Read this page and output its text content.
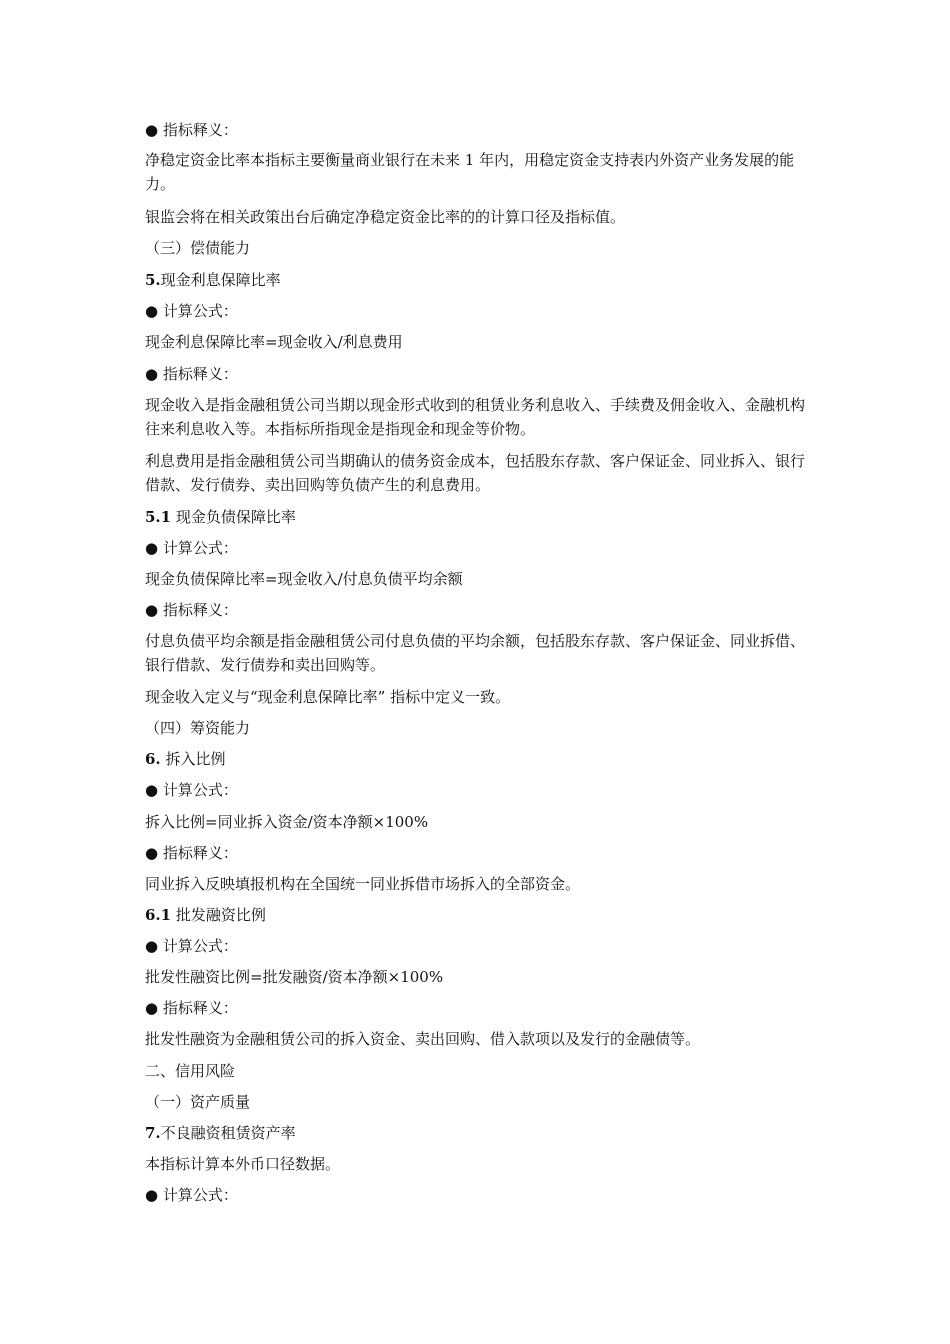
● 指标释义：
净稳定资金比率本指标主要衡量商业银行在未来 1 年内，用稳定资金支持表内外资产业务发展的能力。
银监会将在相关政策出台后确定净稳定资金比率的的计算口径及指标值。
（三）偿债能力
5.现金利息保障比率
● 计算公式：
现金利息保障比率=现金收入/利息费用
● 指标释义：
现金收入是指金融租赁公司当期以现金形式收到的租赁业务利息收入、手续费及佣金收入、金融机构往来利息收入等。本指标所指现金是指现金和现金等价物。
利息费用是指金融租赁公司当期确认的债务资金成本，包括股东存款、客户保证金、同业拆入、银行借款、发行债券、卖出回购等负债产生的利息费用。
5.1 现金负债保障比率
● 计算公式：
现金负债保障比率=现金收入/付息负债平均余额
● 指标释义：
付息负债平均余额是指金融租赁公司付息负债的平均余额，包括股东存款、客户保证金、同业拆借、银行借款、发行债券和卖出回购等。
现金收入定义与“现金利息保障比率” 指标中定义一致。
（四）筹资能力
6. 拆入比例
● 计算公式：
拆入比例=同业拆入资金/资本净额×100%
● 指标释义：
同业拆入反映填报机构在全国统一同业拆借市场拆入的全部资金。
6.1 批发融资比例
● 计算公式：
批发性融资比例=批发融资/资本净额×100%
● 指标释义：
批发性融资为金融租赁公司的拆入资金、卖出回购、借入款项以及发行的金融债等。
二、信用风险
（一）资产质量
7.不良融资租赁资产率
本指标计算本外币口径数据。
● 计算公式：
